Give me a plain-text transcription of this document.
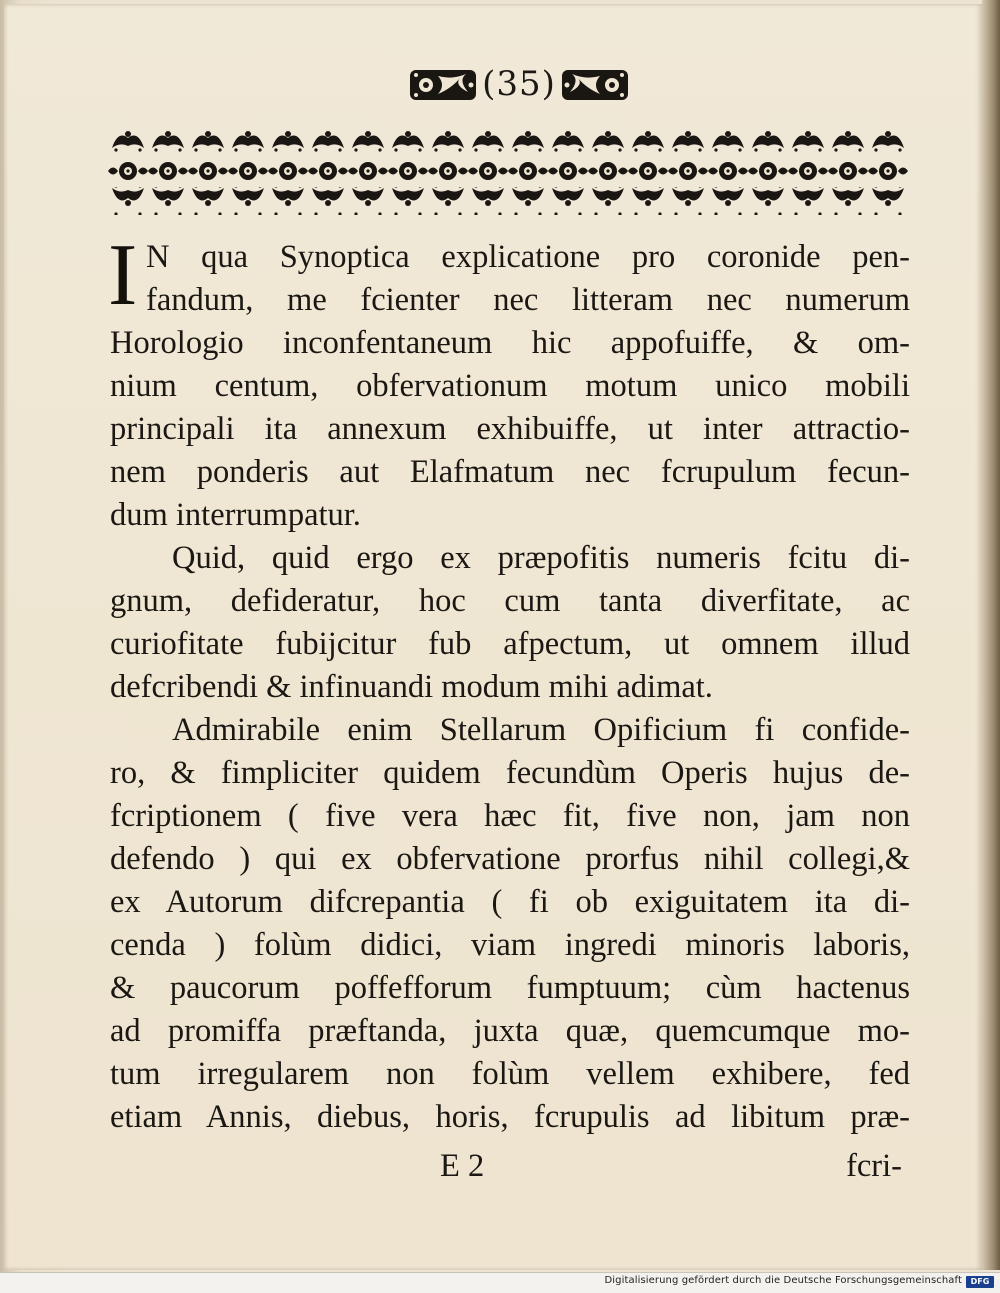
(35)
I N qua Synoptica explicatione pro coronide pen-
fandum, me fcienter nec litteram nec numerum
Horologio inconfentaneum hic appofuiffe, & om-
nium centum, obfervationum motum unico mobili
principali ita annexum exhibuiffe, ut inter attractio-
nem ponderis aut Elafmatum nec fcrupulum fecun-
dum interrumpatur.
Quid, quid ergo ex præpofitis numeris fcitu di-
gnum, defideratur, hoc cum tanta diverfitate, ac
curiofitate fubijcitur fub afpectum, ut omnem illud
defcribendi & infinuandi modum mihi adimat.
Admirabile enim Stellarum Opificium fi confide-
ro, & fimpliciter quidem fecundùm Operis hujus de-
fcriptionem ( five vera hæc fit, five non, jam non
defendo ) qui ex obfervatione prorfus nihil collegi,&
ex Autorum difcrepantia ( fi ob exiguitatem ita di-
cenda ) folùm didici, viam ingredi minoris laboris,
& paucorum poffefforum fumptuum; cùm hactenus
ad promiffa præftanda, juxta quæ, quemcumque mo-
tum irregularem non folùm vellem exhibere, fed
etiam Annis, diebus, horis, fcrupulis ad libitum præ-
E 2	fcri-
Digitalisierung gefördert durch die Deutsche Forschungsgemeinschaft	DFG
